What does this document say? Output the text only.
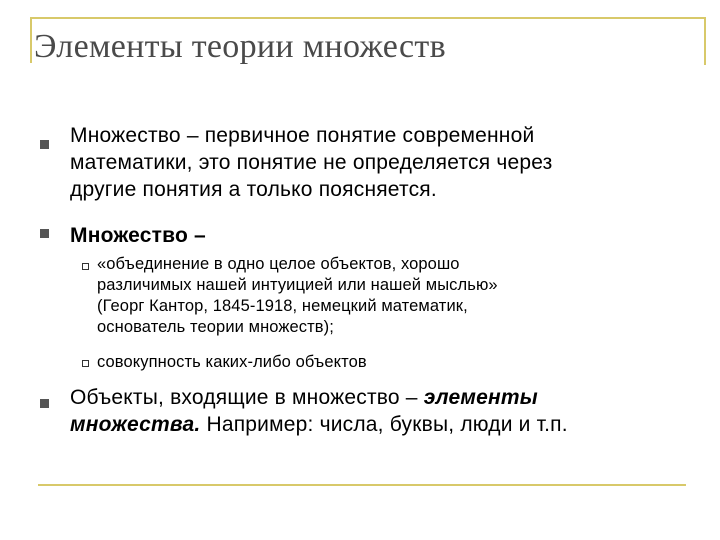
Элементы теории множеств
Множество – первичное понятие современной
математики, это понятие не определяется через
другие понятия а только поясняется.
Множество –
«объединение в одно целое объектов, хорошо
различимых нашей интуицией или нашей мыслью»
(Георг Кантор, 1845-1918, немецкий математик,
основатель теории множеств);
совокупность каких-либо объектов
Объекты, входящие в множество – элементы
множества. Например: числа, буквы, люди и т.п.
